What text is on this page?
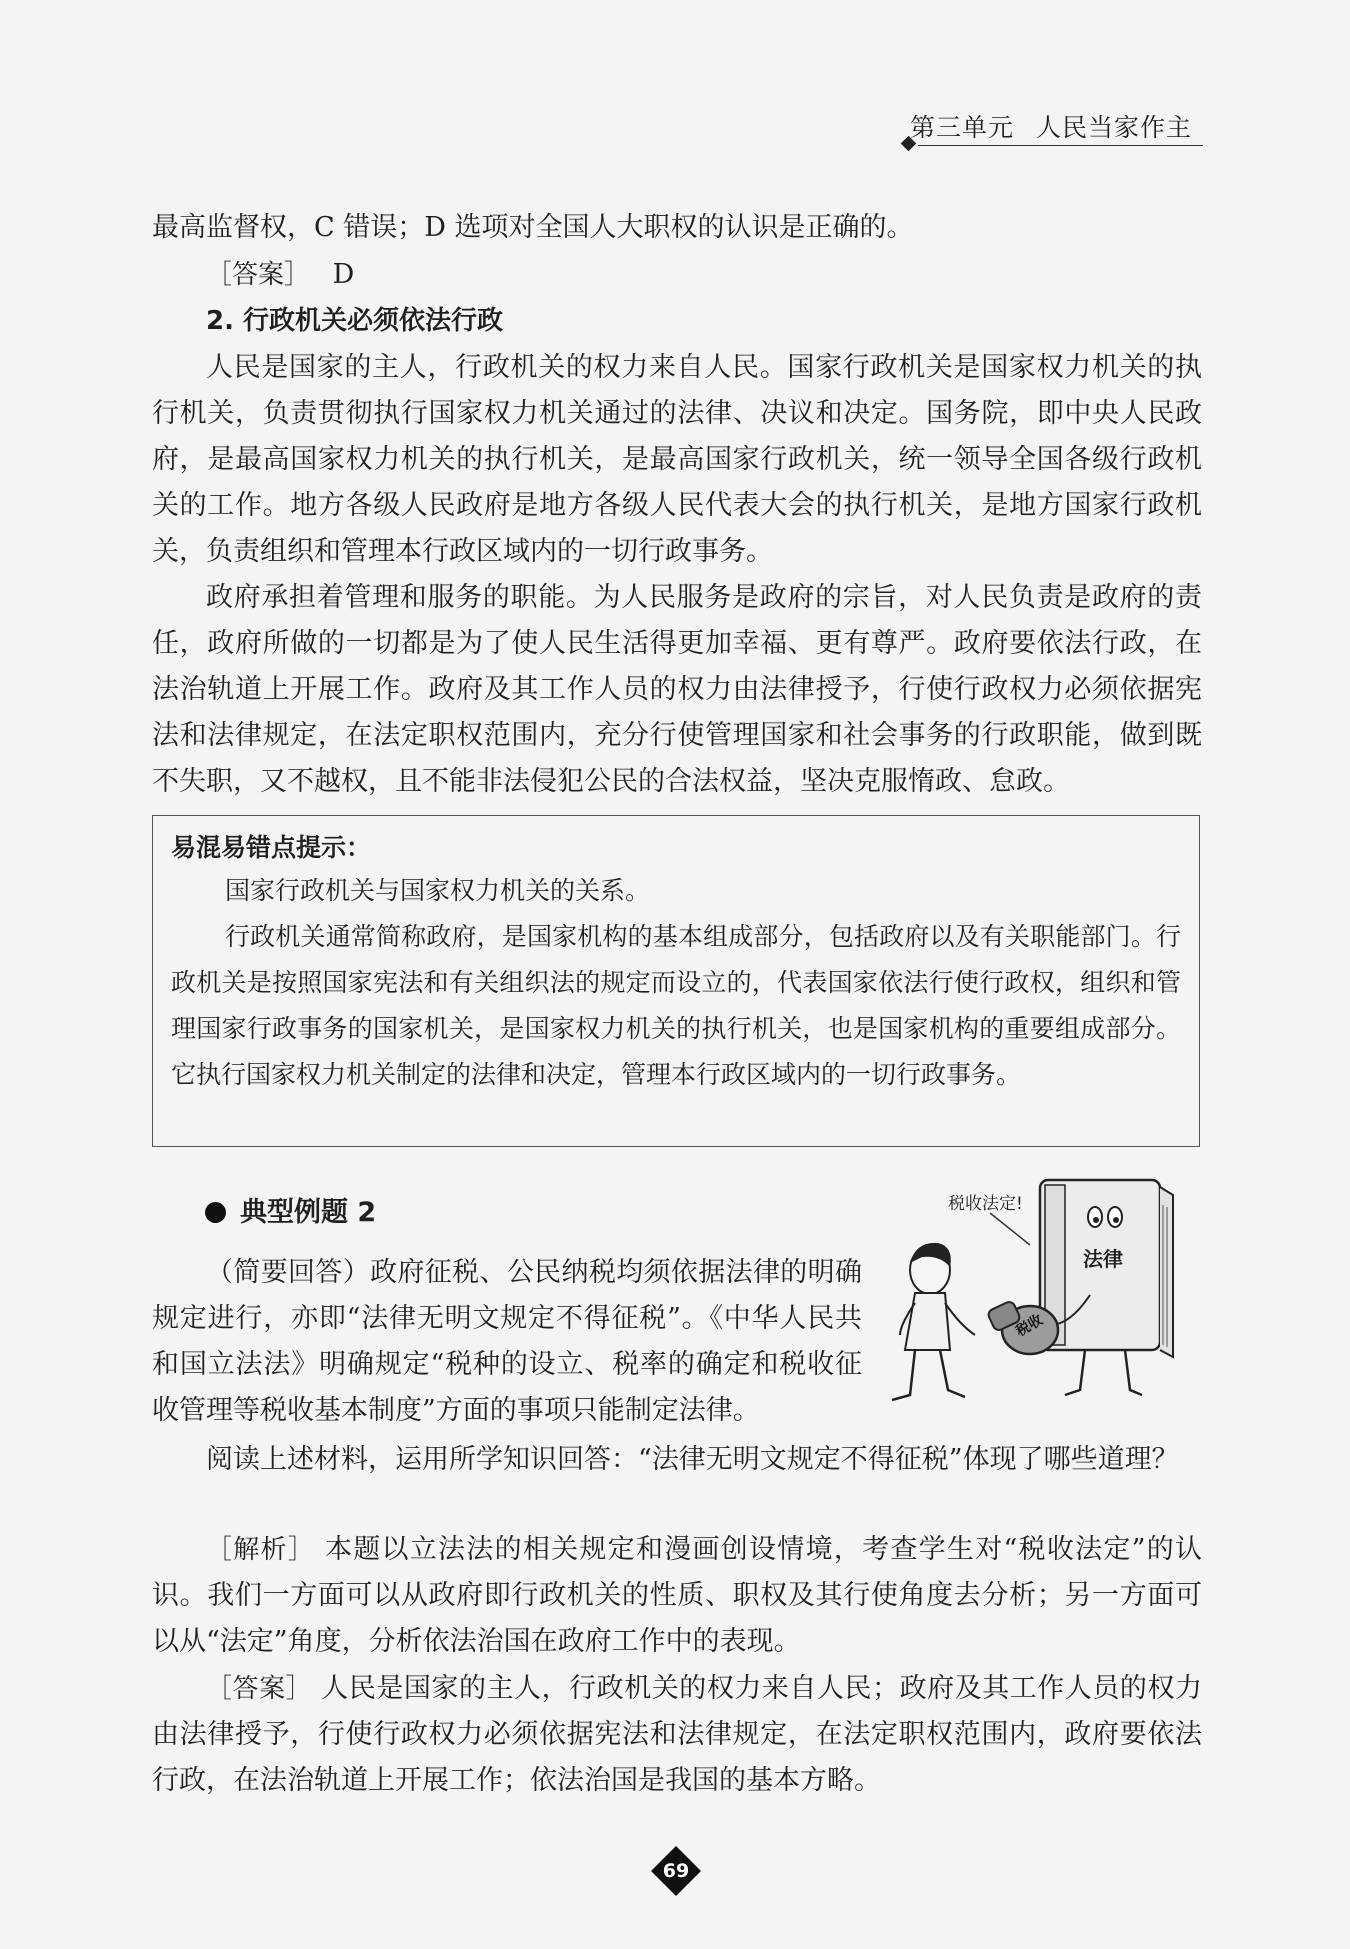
第三单元 人民当家作主

最高监督权，C 错误；D 选项对全国人大职权的认识是正确的。

［答案］ D
2. 行政机关必须依法行政

人民是国家的主人，行政机关的权力来自人民。国家行政机关是国家权力机关的执行机关，负责贯彻执行国家权力机关通过的法律、决议和决定。国务院，即中央人民政府，是最高国家权力机关的执行机关，是最高国家行政机关，统一领导全国各级行政机关的工作。地方各级人民政府是地方各级人民代表大会的执行机关，是地方国家行政机关，负责组织和管理本行政区域内的一切行政事务。

政府承担着管理和服务的职能。为人民服务是政府的宗旨，对人民负责是政府的责任，政府所做的一切都是为了使人民生活得更加幸福、更有尊严。政府要依法行政，在法治轨道上开展工作。政府及其工作人员的权力由法律授予，行使行政权力必须依据宪法和法律规定，在法定职权范围内，充分行使管理国家和社会事务的行政职能，做到既不失职，又不越权，且不能非法侵犯公民的合法权益，坚决克服惰政、怠政。

易混易错点提示：

国家行政机关与国家权力机关的关系。

行政机关通常简称政府，是国家机构的基本组成部分，包括政府以及有关职能部门。行政机关是按照国家宪法和有关组织法的规定而设立的，代表国家依法行使行政权，组织和管理国家行政事务的国家机关，是国家权力机关的执行机关，也是国家机构的重要组成部分。它执行国家权力机关制定的法律和决定，管理本行政区域内的一切行政事务。

典型例题 2

（简要回答）政府征税、公民纳税均须依据法律的明确规定进行，亦即“法律无明文规定不得征税”。《中华人民共和国立法法》明确规定“税种的设立、税率的确定和税收征收管理等税收基本制度”方面的事项只能制定法律。

税收法定!
法律
税收

阅读上述材料，运用所学知识回答：“法律无明文规定不得征税”体现了哪些道理？

［解析］ 本题以立法法的相关规定和漫画创设情境，考查学生对“税收法定”的认识。我们一方面可以从政府即行政机关的性质、职权及其行使角度去分析；另一方面可以从“法定”角度，分析依法治国在政府工作中的表现。

［答案］ 人民是国家的主人，行政机关的权力来自人民；政府及其工作人员的权力由法律授予，行使行政权力必须依据宪法和法律规定，在法定职权范围内，政府要依法行政，在法治轨道上开展工作；依法治国是我国的基本方略。

69
